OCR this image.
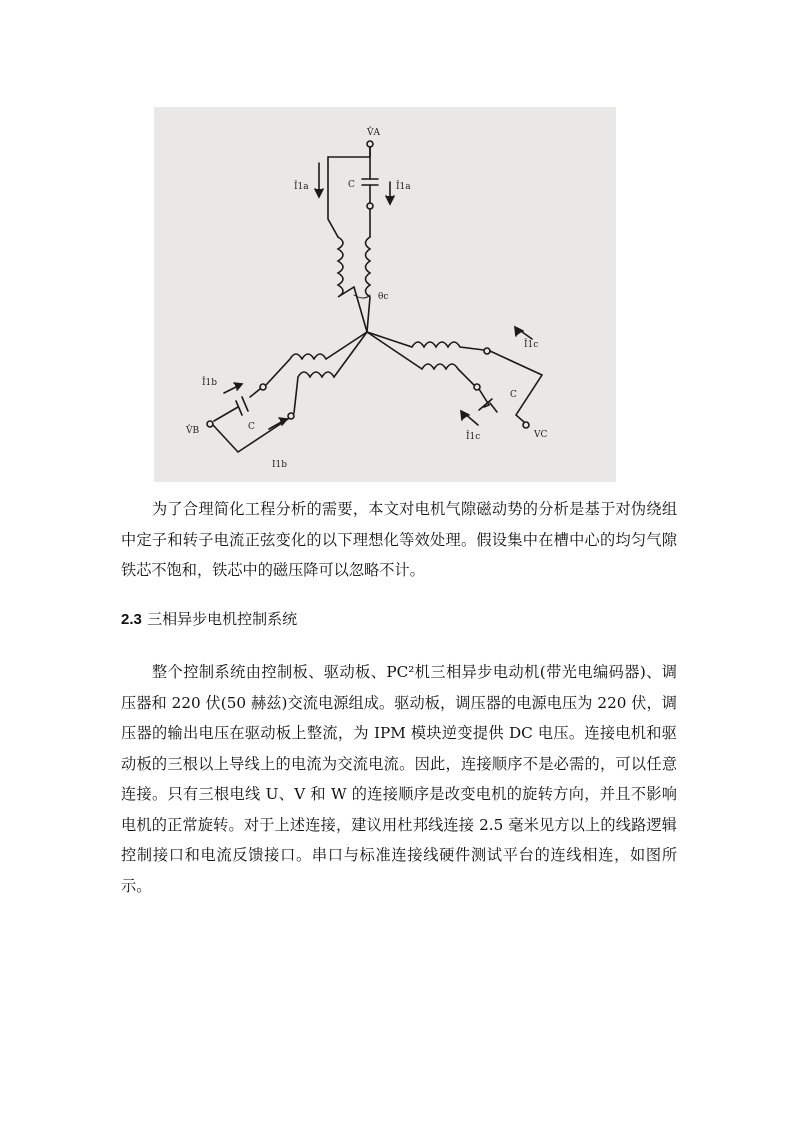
V̂A
Î1a	Î1a
C
θc
Î1b
C
V̂B
I1b
Î1c
C
Î1c	VC

为了合理简化工程分析的需要，本文对电机气隙磁动势的分析是基于对伪绕组中定子和转子电流正弦变化的以下理想化等效处理。假设集中在槽中心的均匀气隙铁芯不饱和，铁芯中的磁压降可以忽略不计。

2.3 三相异步电机控制系统

整个控制系统由控制板、驱动板、PC²机三相异步电动机(带光电编码器)、调压器和 220 伏(50 赫兹)交流电源组成。驱动板，调压器的电源电压为 220 伏，调压器的输出电压在驱动板上整流，为 IPM 模块逆变提供 DC 电压。连接电机和驱动板的三根以上导线上的电流为交流电流。因此，连接顺序不是必需的，可以任意连接。只有三根电线 U、V 和 W 的连接顺序是改变电机的旋转方向，并且不影响电机的正常旋转。对于上述连接，建议用杜邦线连接 2.5 毫米见方以上的线路逻辑控制接口和电流反馈接口。串口与标准连接线硬件测试平台的连线相连，如图所示。
